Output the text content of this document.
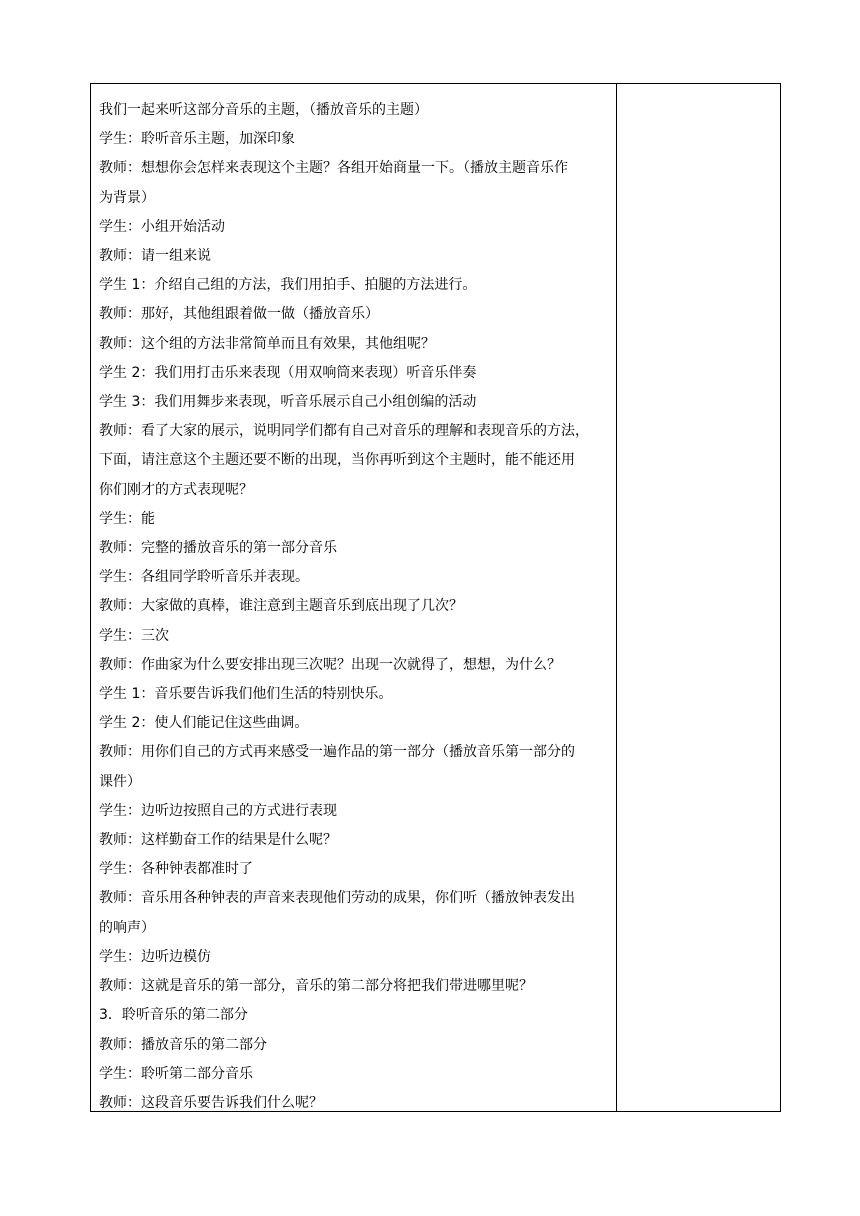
我们一起来听这部分音乐的主题，（播放音乐的主题）
学生：聆听音乐主题，加深印象
教师：想想你会怎样来表现这个主题？各组开始商量一下。（播放主题音乐作
为背景）
学生：小组开始活动
教师：请一组来说
学生 1：介绍自己组的方法，我们用拍手、拍腿的方法进行。
教师：那好，其他组跟着做一做（播放音乐）
教师：这个组的方法非常简单而且有效果，其他组呢？
学生 2：我们用打击乐来表现（用双响筒来表现）听音乐伴奏
学生 3：我们用舞步来表现，听音乐展示自己小组创编的活动
教师：看了大家的展示，说明同学们都有自己对音乐的理解和表现音乐的方法，
下面，请注意这个主题还要不断的出现，当你再听到这个主题时，能不能还用
你们刚才的方式表现呢？
学生：能
教师：完整的播放音乐的第一部分音乐
学生：各组同学聆听音乐并表现。
教师：大家做的真棒，谁注意到主题音乐到底出现了几次？
学生：三次
教师：作曲家为什么要安排出现三次呢？出现一次就得了，想想，为什么？
学生 1：音乐要告诉我们他们生活的特别快乐。
学生 2：使人们能记住这些曲调。
教师：用你们自己的方式再来感受一遍作品的第一部分（播放音乐第一部分的
课件）
学生：边听边按照自己的方式进行表现
教师：这样勤奋工作的结果是什么呢？
学生：各种钟表都准时了
教师：音乐用各种钟表的声音来表现他们劳动的成果，你们听（播放钟表发出
的响声）
学生：边听边模仿
教师：这就是音乐的第一部分，音乐的第二部分将把我们带进哪里呢？
3．聆听音乐的第二部分
教师：播放音乐的第二部分
学生：聆听第二部分音乐
教师：这段音乐要告诉我们什么呢？
